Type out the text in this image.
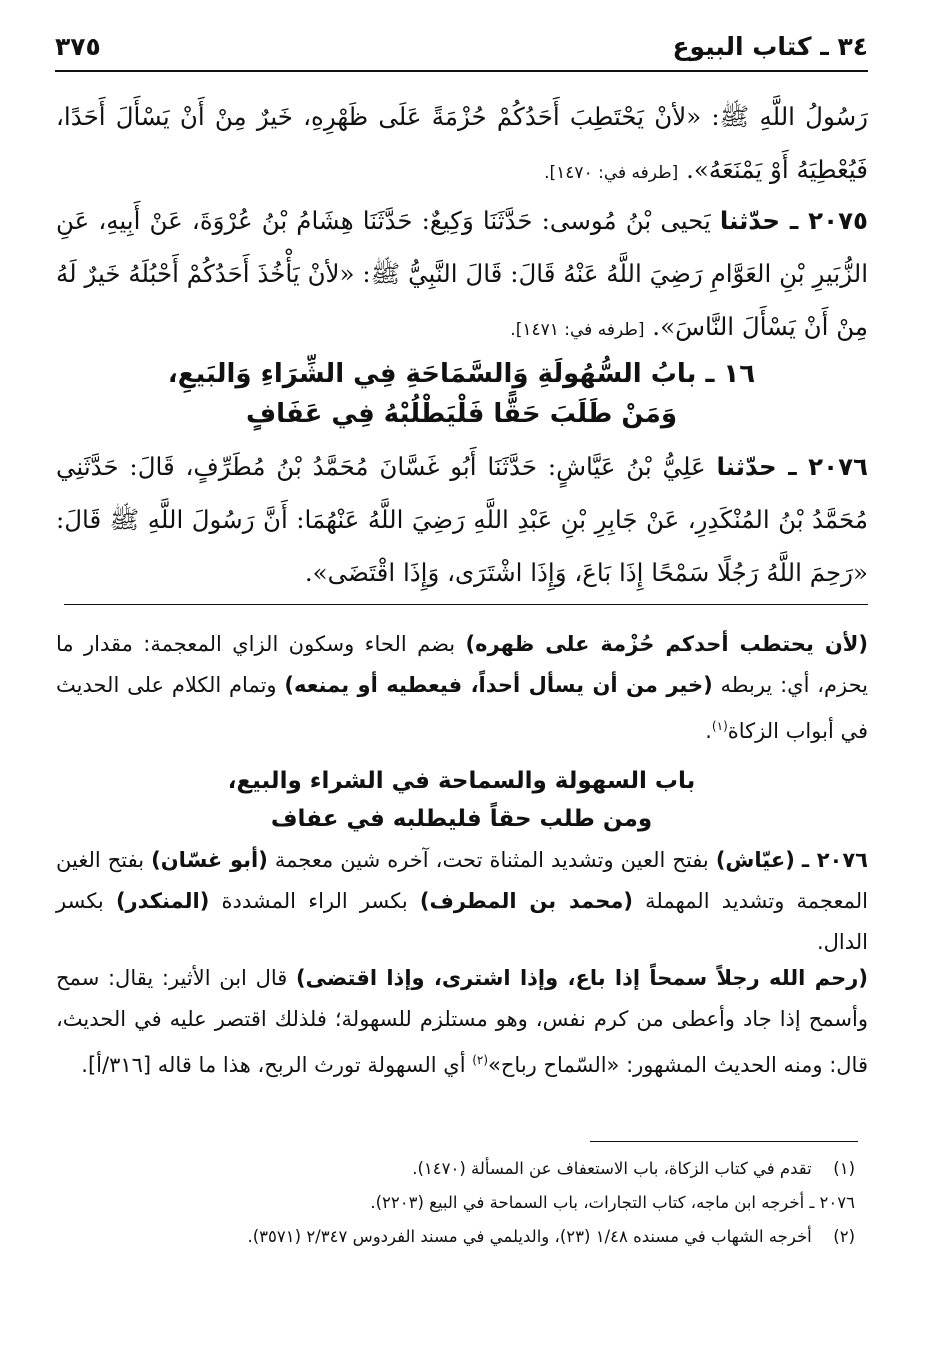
٣٤ ـ كتاب البيوع
٣٧٥
رَسُولُ اللَّهِ ﷺ: «لأنْ يَحْتَطِبَ أَحَدُكُمْ حُزْمَةً عَلَى ظَهْرِهِ، خَيرٌ مِنْ أَنْ يَسْأَلَ أَحَدًا، فَيُعْطِيَهُ أَوْ يَمْنَعَهُ». [طرفه في: ١٤٧٠].
٢٠٧٥ ـ حدّثنا يَحيى بْنُ مُوسى: حَدَّثَنَا وَكِيعٌ: حَدَّثَنَا هِشَامُ بْنُ عُرْوَةَ، عَنْ أَبِيهِ، عَنِ الزُّبَيرِ بْنِ العَوَّامِ رَضِيَ اللَّهُ عَنْهُ قَالَ: قَالَ النَّبِيُّ ﷺ: «لأنْ يَأْخُذَ أَحَدُكُمْ أَحْبُلَهُ خَيرٌ لَهُ مِنْ أَنْ يَسْأَلَ النَّاسَ». [طرفه في: ١٤٧١].
١٦ ـ بابُ السُّهُولَةِ وَالسَّمَاحَةِ فِي الشِّرَاءِ وَالبَيعِ،
وَمَنْ طَلَبَ حَقًّا فَلْيَطْلُبْهُ فِي عَفَافٍ
٢٠٧٦ ـ حدّثنا عَلِيُّ بْنُ عَيَّاشٍ: حَدَّثَنَا أَبُو غَسَّانَ مُحَمَّدُ بْنُ مُطَرِّفٍ، قَالَ: حَدَّثَنِي مُحَمَّدُ بْنُ المُنْكَدِرِ، عَنْ جَابِرِ بْنِ عَبْدِ اللَّهِ رَضِيَ اللَّهُ عَنْهُمَا: أَنَّ رَسُولَ اللَّهِ ﷺ قَالَ: «رَحِمَ اللَّهُ رَجُلًا سَمْحًا إِذَا بَاعَ، وَإِذَا اشْتَرَى، وَإِذَا اقْتَضَى».
(لأن يحتطب أحدكم حُزْمة على ظهره) بضم الحاء وسكون الزاي المعجمة: مقدار ما يحزم، أي: يربطه (خير من أن يسأل أحداً، فيعطيه أو يمنعه) وتمام الكلام على الحديث في أبواب الزكاة$^{(١)}$.
باب السهولة والسماحة في الشراء والبيع،
ومن طلب حقاً فليطلبه في عفاف
٢٠٧٦ ـ (عيّاش) بفتح العين وتشديد المثناة تحت، آخره شين معجمة (أبو غسّان) بفتح الغين المعجمة وتشديد المهملة (محمد بن المطرف) بكسر الراء المشددة (المنكدر) بكسر الدال.
(رحم الله رجلاً سمحاً إذا باع، وإذا اشترى، وإذا اقتضى) قال ابن الأثير: يقال: سمح وأسمح إذا جاد وأعطى من كرم نفس، وهو مستلزم للسهولة؛ فلذلك اقتصر عليه في الحديث، قال: ومنه الحديث المشهور: «السّماح رباح»$^{(٢)}$ أي السهولة تورث الربح، هذا ما قاله [٣١٦/أ].
(١) تقدم في كتاب الزكاة، باب الاستعفاف عن المسألة (١٤٧٠).
٢٠٧٦ ـ أخرجه ابن ماجه، كتاب التجارات، باب السماحة في البيع (٢٢٠٣).
(٢) أخرجه الشهاب في مسنده ١/٤٨ (٢٣)، والديلمي في مسند الفردوس ٢/٣٤٧ (٣٥٧١).
